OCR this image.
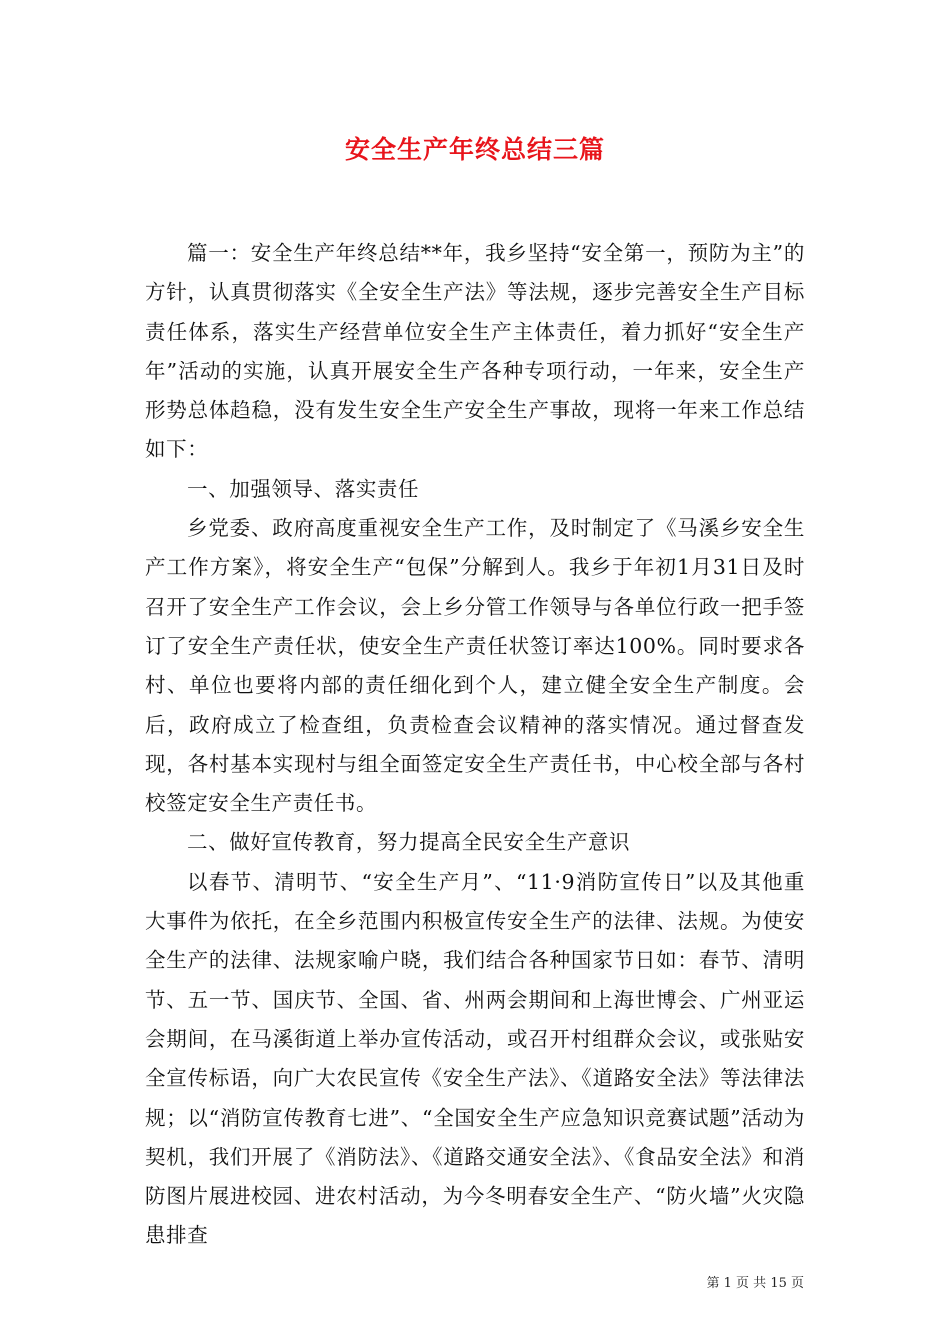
安全生产年终总结三篇

篇一：安全生产年终总结**年，我乡坚持“安全第一，预防为主”的方针，认真贯彻落实《全安全生产法》等法规，逐步完善安全生产目标责任体系，落实生产经营单位安全生产主体责任，着力抓好“安全生产年”活动的实施，认真开展安全生产各种专项行动，一年来，安全生产形势总体趋稳，没有发生安全生产安全生产事故，现将一年来工作总结如下：

一、加强领导、落实责任

乡党委、政府高度重视安全生产工作，及时制定了《马溪乡安全生产工作方案》，将安全生产“包保”分解到人。我乡于年初1月31日及时召开了安全生产工作会议，会上乡分管工作领导与各单位行政一把手签订了安全生产责任状，使安全生产责任状签订率达100%。同时要求各村、单位也要将内部的责任细化到个人，建立健全安全生产制度。会后，政府成立了检查组，负责检查会议精神的落实情况。通过督查发现，各村基本实现村与组全面签定安全生产责任书，中心校全部与各村校签定安全生产责任书。

二、做好宣传教育，努力提高全民安全生产意识

以春节、清明节、“安全生产月”、“11·9消防宣传日”以及其他重大事件为依托，在全乡范围内积极宣传安全生产的法律、法规。为使安全生产的法律、法规家喻户晓，我们结合各种国家节日如：春节、清明节、五一节、国庆节、全国、省、州两会期间和上海世博会、广州亚运会期间，在马溪街道上举办宣传活动，或召开村组群众会议，或张贴安全宣传标语，向广大农民宣传《安全生产法》、《道路安全法》等法律法规；以“消防宣传教育七进”、“全国安全生产应急知识竞赛试题”活动为契机，我们开展了《消防法》、《道路交通安全法》、《食品安全法》和消防图片展进校园、进农村活动，为今冬明春安全生产、“防火墙”火灾隐患排查

第 1 页 共 15 页
